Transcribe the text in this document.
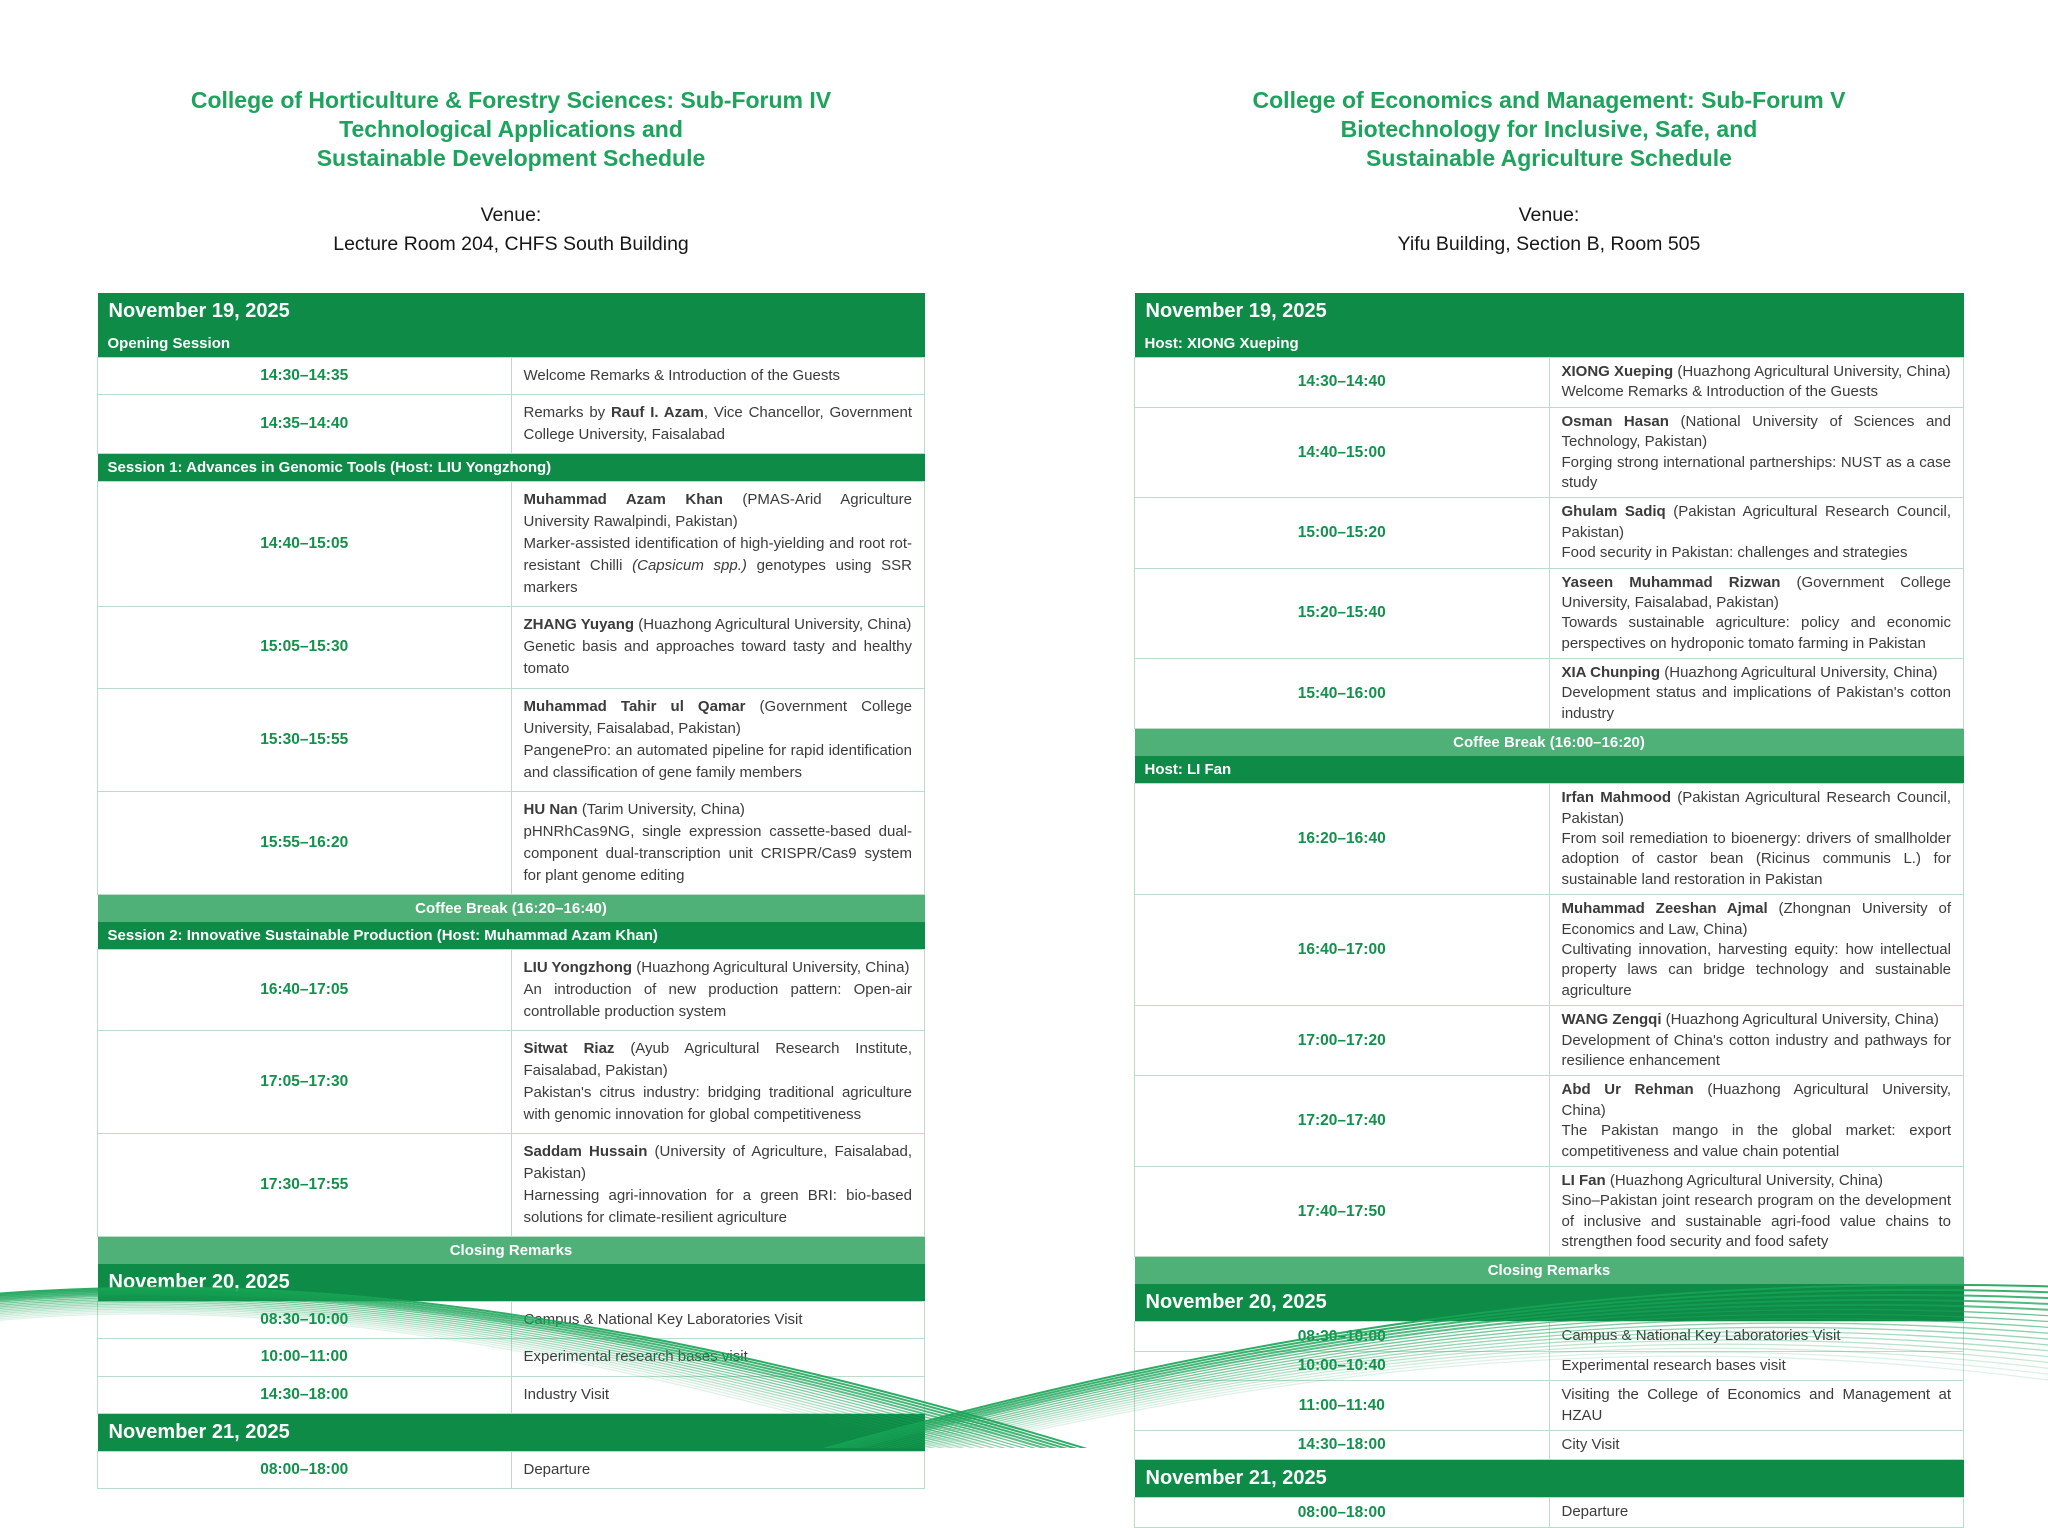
College of Horticulture & Forestry Sciences: Sub-Forum IV
Technological Applications and
Sustainable Development Schedule
Venue:
Lecture Room 204, CHFS South Building
November 19, 2025	
Opening Session	
14:30–14:35	Welcome Remarks & Introduction of the Guests

14:35–14:40	Remarks by Rauf I. Azam, Vice Chancellor, Government College University, Faisalabad

Session 1: Advances in Genomic Tools (Host: LIU Yongzhong)	
14:40–15:05	Muhammad Azam Khan (PMAS-Arid Agriculture University Rawalpindi, Pakistan)

Marker-assisted identification of high-yielding and root rot-resistant Chilli (Capsicum spp.) genotypes using SSR markers

15:05–15:30	ZHANG Yuyang (Huazhong Agricultural University, China)

Genetic basis and approaches toward tasty and healthy tomato

15:30–15:55	Muhammad Tahir ul Qamar (Government College University, Faisalabad, Pakistan)

PangenePro: an automated pipeline for rapid identification and classification of gene family members

15:55–16:20	HU Nan (Tarim University, China)

pHNRhCas9NG, single expression cassette-based dual-component dual-transcription unit CRISPR/Cas9 system for plant genome editing

Coffee Break (16:20–16:40)	
Session 2: Innovative Sustainable Production (Host: Muhammad Azam Khan)	
16:40–17:05	LIU Yongzhong (Huazhong Agricultural University, China)

An introduction of new production pattern: Open-air controllable production system

17:05–17:30	Sitwat Riaz (Ayub Agricultural Research Institute, Faisalabad, Pakistan)

Pakistan's citrus industry: bridging traditional agriculture with genomic innovation for global competitiveness

17:30–17:55	Saddam Hussain (University of Agriculture, Faisalabad, Pakistan)

Harnessing agri-innovation for a green BRI: bio-based solutions for climate-resilient agriculture

Closing Remarks	
November 20, 2025	
08:30–10:00	Campus & National Key Laboratories Visit

10:00–11:00	Experimental research bases visit

14:30–18:00	Industry Visit

November 21, 2025	
08:00–18:00	Departure

College of Economics and Management: Sub-Forum V
Biotechnology for Inclusive, Safe, and
Sustainable Agriculture Schedule
Venue:
Yifu Building, Section B, Room 505
November 19, 2025	
Host: XIONG Xueping	
14:30–14:40	XIONG Xueping (Huazhong Agricultural University, China)

Welcome Remarks & Introduction of the Guests

14:40–15:00	Osman Hasan (National University of Sciences and Technology, Pakistan)

Forging strong international partnerships: NUST as a case study

15:00–15:20	Ghulam Sadiq (Pakistan Agricultural Research Council, Pakistan)

Food security in Pakistan: challenges and strategies

15:20–15:40	Yaseen Muhammad Rizwan (Government College University, Faisalabad, Pakistan)

Towards sustainable agriculture: policy and economic perspectives on hydroponic tomato farming in Pakistan

15:40–16:00	XIA Chunping (Huazhong Agricultural University, China)

Development status and implications of Pakistan's cotton industry

Coffee Break (16:00–16:20)	
Host: LI Fan	
16:20–16:40	Irfan Mahmood (Pakistan Agricultural Research Council, Pakistan)

From soil remediation to bioenergy: drivers of smallholder adoption of castor bean (Ricinus communis L.) for sustainable land restoration in Pakistan

16:40–17:00	Muhammad Zeeshan Ajmal (Zhongnan University of Economics and Law, China)

Cultivating innovation, harvesting equity: how intellectual property laws can bridge technology and sustainable agriculture

17:00–17:20	WANG Zengqi (Huazhong Agricultural University, China)

Development of China's cotton industry and pathways for resilience enhancement

17:20–17:40	Abd Ur Rehman (Huazhong Agricultural University, China)

The Pakistan mango in the global market: export competitiveness and value chain potential

17:40–17:50	LI Fan (Huazhong Agricultural University, China)

Sino–Pakistan joint research program on the development of inclusive and sustainable agri-food value chains to strengthen food security and food safety

Closing Remarks	
November 20, 2025	
08:30–10:00	Campus & National Key Laboratories Visit

10:00–10:40	Experimental research bases visit

11:00–11:40	Visiting the College of Economics and Management at HZAU

14:30–18:00	City Visit

November 21, 2025	
08:00–18:00	Departure
